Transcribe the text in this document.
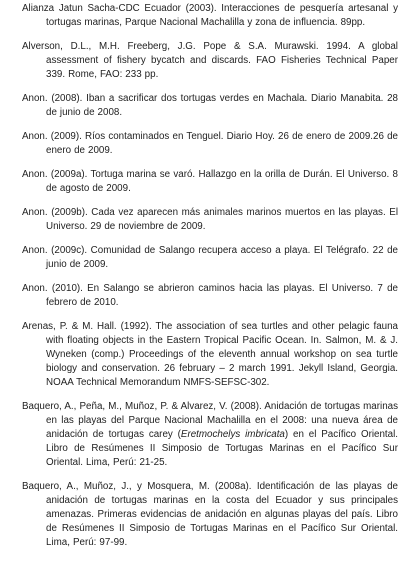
Alianza Jatun Sacha-CDC Ecuador (2003). Interacciones de pesquería artesanal y tortugas marinas, Parque Nacional Machalilla y zona de influencia. 89pp.

Alverson, D.L., M.H. Freeberg, J.G. Pope & S.A. Murawski. 1994. A global assessment of fishery bycatch and discards. FAO Fisheries Technical Paper 339. Rome, FAO: 233 pp.

Anon. (2008). Iban a sacrificar dos tortugas verdes en Machala. Diario Manabita. 28 de junio de 2008.

Anon. (2009). Ríos contaminados en Tenguel. Diario Hoy. 26 de enero de 2009.26 de enero de 2009.

Anon. (2009a). Tortuga marina se varó. Hallazgo en la orilla de Durán. El Universo. 8 de agosto de 2009.

Anon. (2009b). Cada vez aparecen más animales marinos muertos en las playas. El Universo. 29 de noviembre de 2009.

Anon. (2009c). Comunidad de Salango recupera acceso a playa. El Telégrafo. 22 de junio de 2009.

Anon. (2010). En Salango se abrieron caminos hacia las playas. El Universo. 7 de febrero de 2010.

Arenas, P. & M. Hall. (1992). The association of sea turtles and other pelagic fauna with floating objects in the Eastern Tropical Pacific Ocean. In. Salmon, M. & J. Wyneken (comp.) Proceedings of the eleventh annual workshop on sea turtle biology and conservation. 26 february – 2 march 1991. Jekyll Island, Georgia. NOAA Technical Memorandum NMFS-SEFSC-302.

Baquero, A., Peña, M., Muñoz, P. & Alvarez, V. (2008). Anidación de tortugas marinas en las playas del Parque Nacional Machalilla en el 2008: una nueva área de anidación de tortugas carey (Eretmochelys imbricata) en el Pacífico Oriental. Libro de Resúmenes II Simposio de Tortugas Marinas en el Pacífico Sur Oriental. Lima, Perú: 21-25.

Baquero, A., Muñoz, J., y Mosquera, M. (2008a). Identificación de las playas de anidación de tortugas marinas en la costa del Ecuador y sus principales amenazas. Primeras evidencias de anidación en algunas playas del país. Libro de Resúmenes II Simposio de Tortugas Marinas en el Pacífico Sur Oriental. Lima, Perú: 97-99.
